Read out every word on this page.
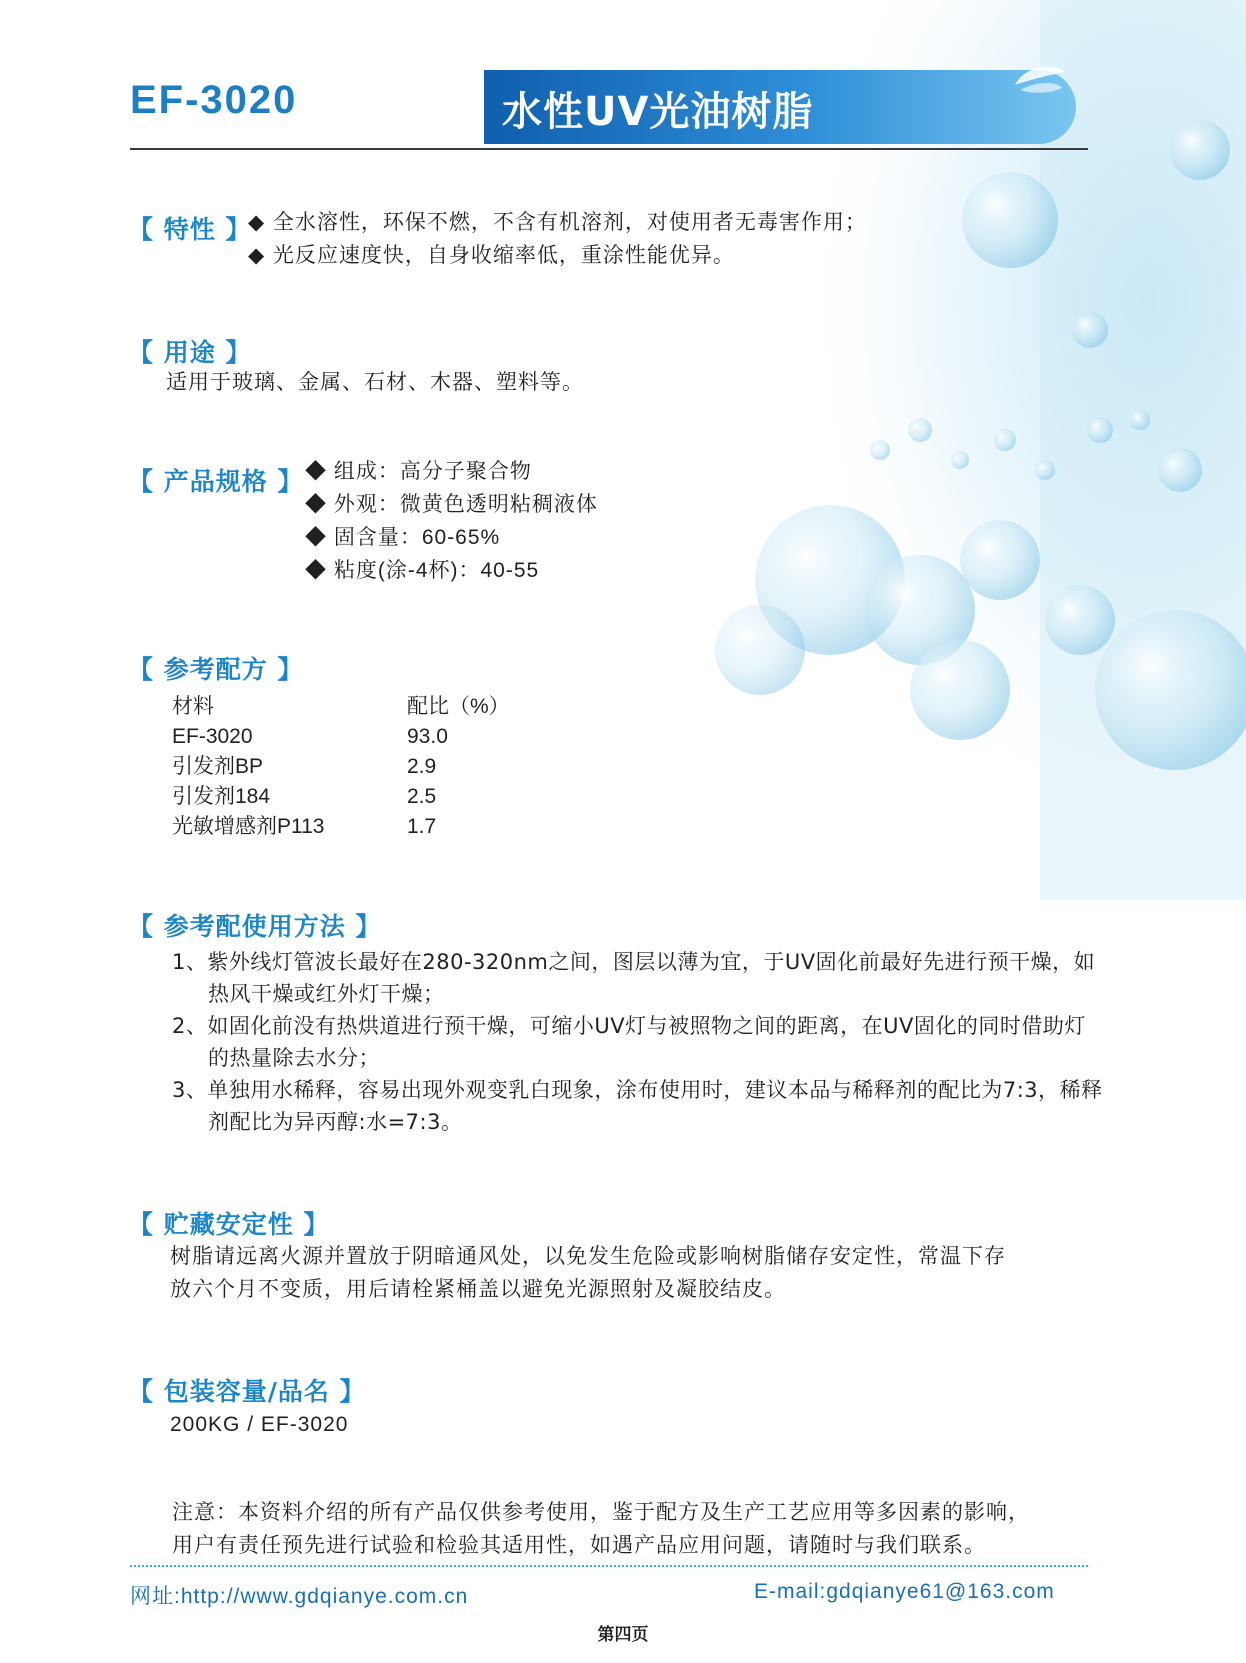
EF-3020	水性UV光油树脂
【 特性 】
◆ 全水溶性，环保不燃，不含有机溶剂，对使用者无毒害作用；
◆ 光反应速度快，自身收缩率低，重涂性能优异。
【 用途 】
适用于玻璃、金属、石材、木器、塑料等。
【 产品规格 】 ◆ 组成：高分子聚合物
◆ 外观：微黄色透明粘稠液体
◆ 固含量：60-65%
◆ 粘度(涂-4杯)：40-55
【 参考配方 】
材料	配比（%）
EF-3020	93.0
引发剂BP	2.9
引发剂184	2.5
光敏增感剂P113	1.7
【 参考配使用方法 】

1、紫外线灯管波长最好在280-320nm之间，图层以薄为宜，于UV固化前最好先进行预干燥，如热风干燥或红外灯干燥；

2、如固化前没有热烘道进行预干燥，可缩小UV灯与被照物之间的距离，在UV固化的同时借助灯的热量除去水分；

3、单独用水稀释，容易出现外观变乳白现象，涂布使用时，建议本品与稀释剂的配比为7:3，稀释剂配比为异丙醇:水=7:3。

【 贮藏安定性 】
树脂请远离火源并置放于阴暗通风处，以免发生危险或影响树脂储存安定性，常温下存
放六个月不变质，用后请栓紧桶盖以避免光源照射及凝胶结皮。
【 包装容量/品名 】
200KG / EF-3020
注意：本资料介绍的所有产品仅供参考使用，鉴于配方及生产工艺应用等多因素的影响，
用户有责任预先进行试验和检验其适用性，如遇产品应用问题，请随时与我们联系。
网址:http://www.gdqianye.com.cn	E-mail:gdqianye61@163.com
第四页
